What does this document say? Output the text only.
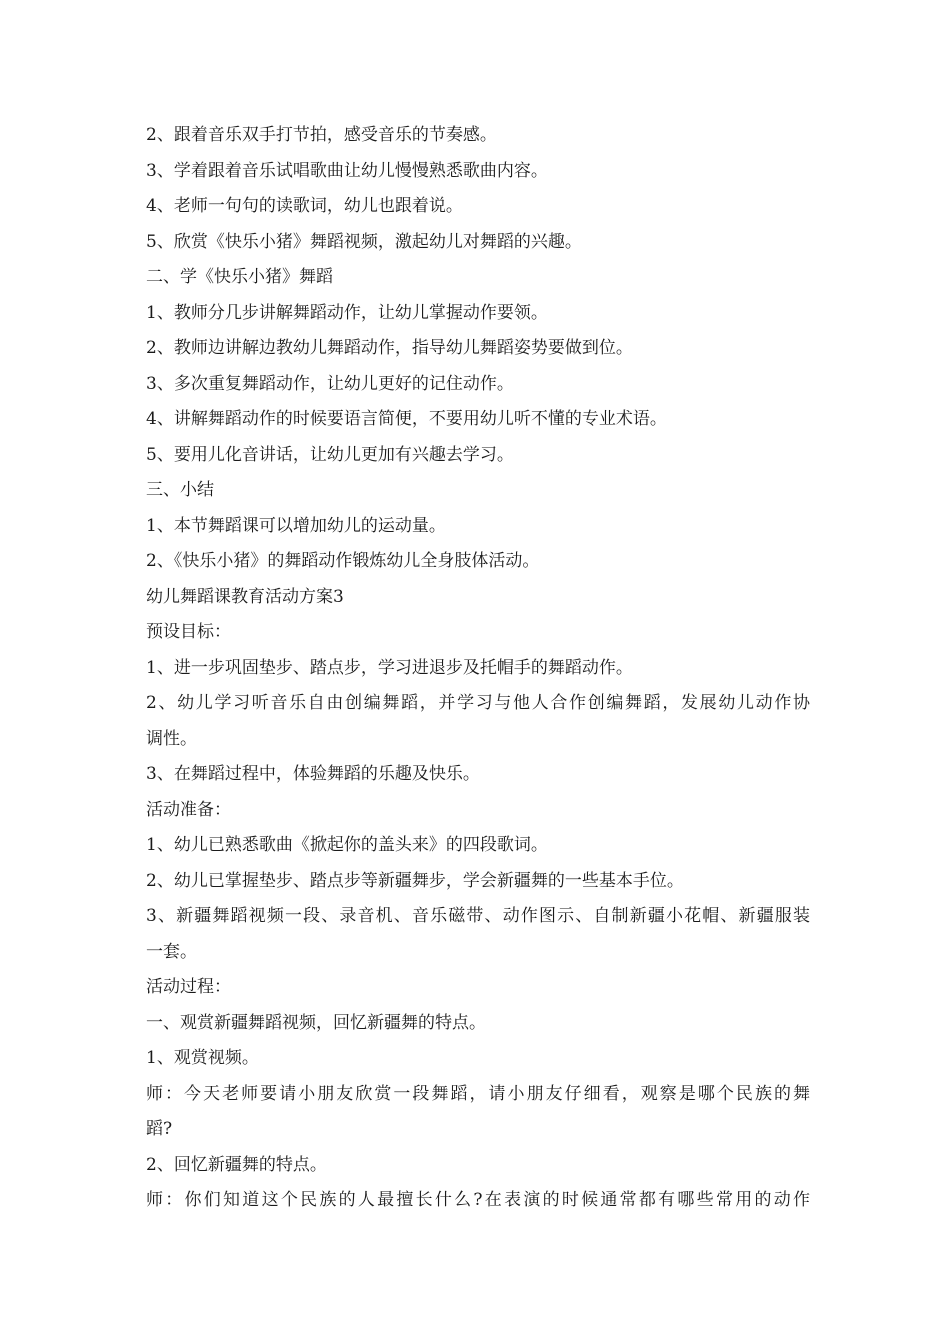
2、跟着音乐双手打节拍，感受音乐的节奏感。
3、学着跟着音乐试唱歌曲让幼儿慢慢熟悉歌曲内容。
4、老师一句句的读歌词，幼儿也跟着说。
5、欣赏《快乐小猪》舞蹈视频，激起幼儿对舞蹈的兴趣。
二、学《快乐小猪》舞蹈
1、教师分几步讲解舞蹈动作，让幼儿掌握动作要领。
2、教师边讲解边教幼儿舞蹈动作，指导幼儿舞蹈姿势要做到位。
3、多次重复舞蹈动作，让幼儿更好的记住动作。
4、讲解舞蹈动作的时候要语言简便，不要用幼儿听不懂的专业术语。
5、要用儿化音讲话，让幼儿更加有兴趣去学习。
三、小结
1、本节舞蹈课可以增加幼儿的运动量。
2、《快乐小猪》的舞蹈动作锻炼幼儿全身肢体活动。
幼儿舞蹈课教育活动方案3
预设目标：
1、进一步巩固垫步、踏点步，学习进退步及托帽手的舞蹈动作。
2、幼儿学习听音乐自由创编舞蹈，并学习与他人合作创编舞蹈，发展幼儿动作协
调性。
3、在舞蹈过程中，体验舞蹈的乐趣及快乐。
活动准备：
1、幼儿已熟悉歌曲《掀起你的盖头来》的四段歌词。
2、幼儿已掌握垫步、踏点步等新疆舞步，学会新疆舞的一些基本手位。
3、新疆舞蹈视频一段、录音机、音乐磁带、动作图示、自制新疆小花帽、新疆服装
一套。
活动过程：
一、观赏新疆舞蹈视频，回忆新疆舞的特点。
1、观赏视频。
师：今天老师要请小朋友欣赏一段舞蹈，请小朋友仔细看，观察是哪个民族的舞
蹈?
2、回忆新疆舞的特点。
师：你们知道这个民族的人最擅长什么?在表演的时候通常都有哪些常用的动作
